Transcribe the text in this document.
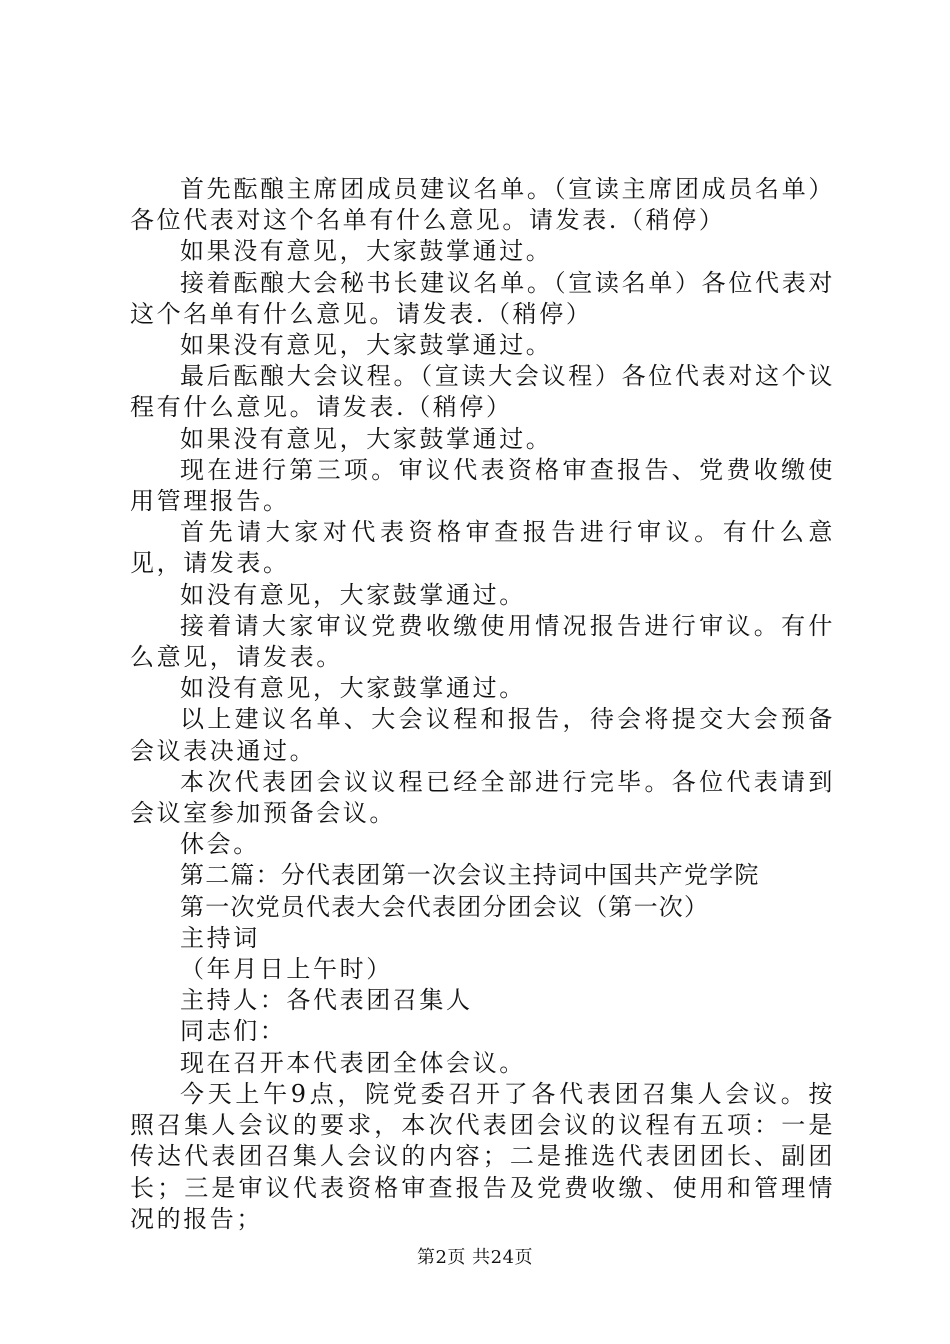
首先酝酿主席团成员建议名单。（宣读主席团成员名单）各位代表对这个名单有什么意见。请发表.（稍停）

如果没有意见，大家鼓掌通过。

接着酝酿大会秘书长建议名单。（宣读名单）各位代表对这个名单有什么意见。请发表.（稍停）

如果没有意见，大家鼓掌通过。

最后酝酿大会议程。（宣读大会议程）各位代表对这个议程有什么意见。请发表.（稍停）

如果没有意见，大家鼓掌通过。

现在进行第三项。审议代表资格审查报告、党费收缴使用管理报告。

首先请大家对代表资格审查报告进行审议。有什么意见，请发表。

如没有意见，大家鼓掌通过。

接着请大家审议党费收缴使用情况报告进行审议。有什么意见，请发表。

如没有意见，大家鼓掌通过。

以上建议名单、大会议程和报告，待会将提交大会预备会议表决通过。

本次代表团会议议程已经全部进行完毕。各位代表请到会议室参加预备会议。

休会。

第二篇：分代表团第一次会议主持词中国共产党学院

第一次党员代表大会代表团分团会议（第一次）

主持词

（年月日上午时）

主持人：各代表团召集人

同志们：

现在召开本代表团全体会议。

今天上午9点，院党委召开了各代表团召集人会议。按照召集人会议的要求，本次代表团会议的议程有五项：一是传达代表团召集人会议的内容；二是推选代表团团长、副团长；三是审议代表资格审查报告及党费收缴、使用和管理情况的报告；

第2页 共24页
